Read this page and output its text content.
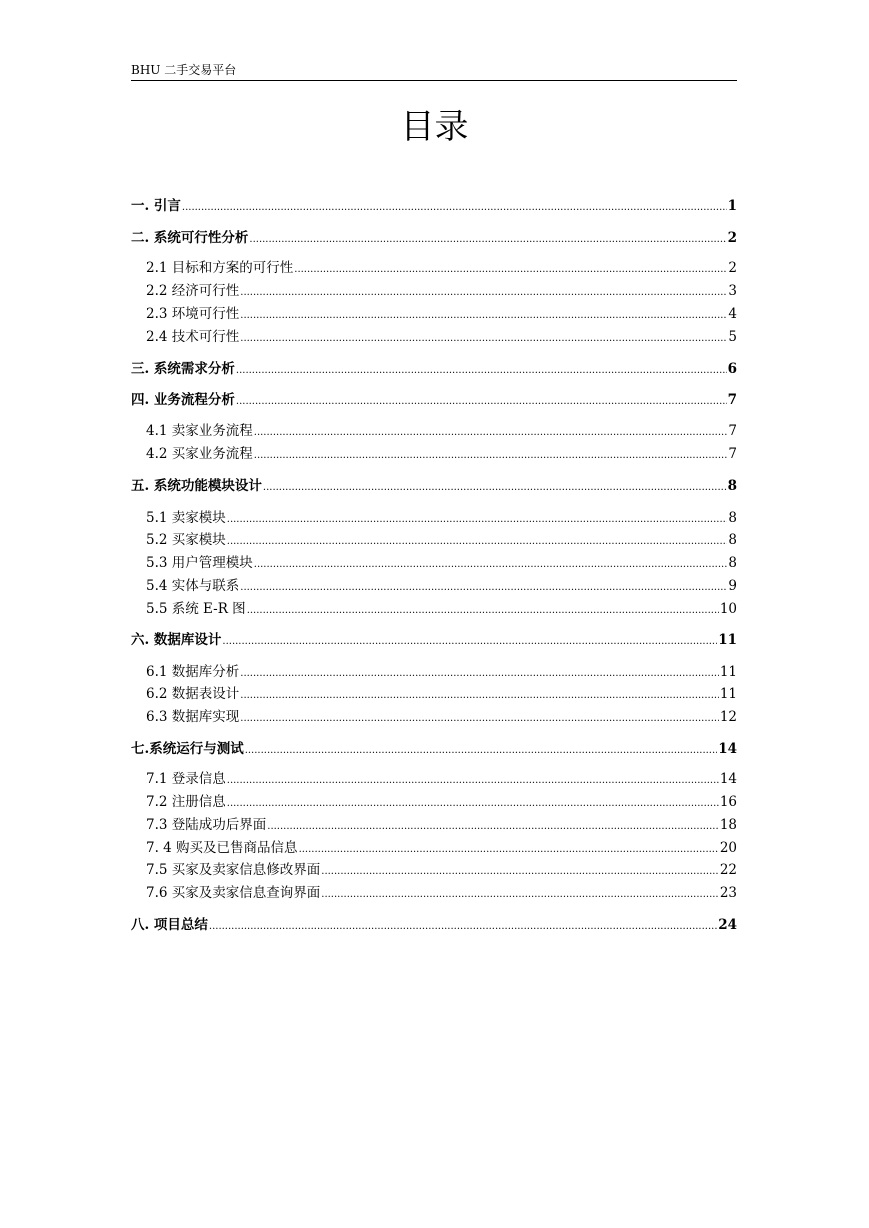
BHU 二手交易平台
目录
一. 引言 .....	1
二. 系统可行性分析 .....	2
2.1 目标和方案的可行性 .....	2
2.2 经济可行性 .....	3
2.3 环境可行性 .....	4
2.4 技术可行性 .....	5
三. 系统需求分析 .....	6
四. 业务流程分析 .....	7
4.1 卖家业务流程 .....	7
4.2 买家业务流程 .....	7
五. 系统功能模块设计 .....	8
5.1 卖家模块 .....	8
5.2 买家模块 .....	8
5.3 用户管理模块 .....	8
5.4 实体与联系 .....	9
5.5 系统 E-R 图 .....	10
六. 数据库设计 .....	11
6.1 数据库分析 .....	11
6.2 数据表设计 .....	11
6.3 数据库实现 .....	12
七.系统运行与测试 .....	14
7.1 登录信息 .....	14
7.2 注册信息 .....	16
7.3 登陆成功后界面 .....	18
7. 4 购买及已售商品信息 .....	20
7.5 买家及卖家信息修改界面 .....	22
7.6 买家及卖家信息查询界面 .....	23
八. 项目总结 .....	24
